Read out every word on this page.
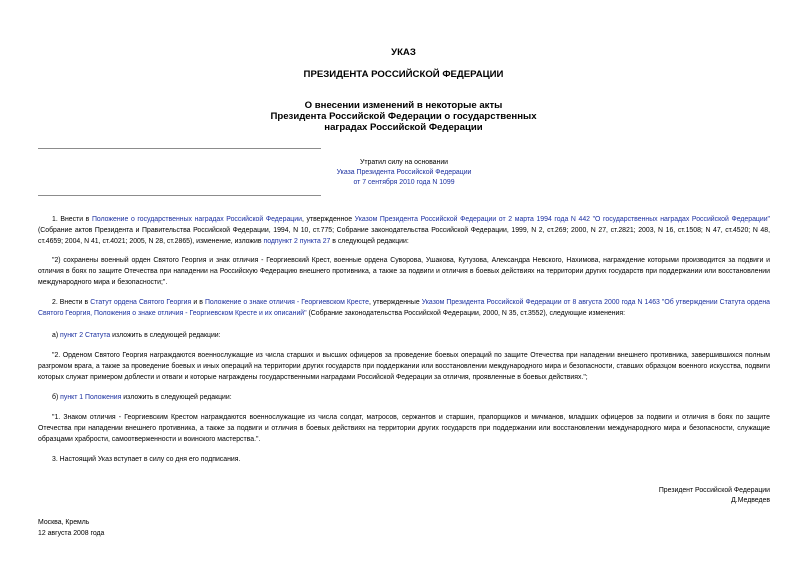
УКАЗ
ПРЕЗИДЕНТА РОССИЙСКОЙ ФЕДЕРАЦИИ
О внесении изменений в некоторые акты
Президента Российской Федерации о государственных
наградах Российской Федерации
Утратил силу на основании
Указа Президента Российской Федерации
от 7 сентября 2010 года N 1099

1. Внести в Положение о государственных наградах Российской Федерации, утвержденное Указом Президента Российской Федерации от 2 марта 1994 года N 442 "О государственных наградах Российской Федерации" (Собрание актов Президента и Правительства Российской Федерации, 1994, N 10, ст.775; Собрание законодательства Российской Федерации, 1999, N 2, ст.269; 2000, N 27, ст.2821; 2003, N 16, ст.1508; N 47, ст.4520; N 48, ст.4659; 2004, N 41, ст.4021; 2005, N 28, ст.2865), изменение, изложив подпункт 2 пункта 27 в следующей редакции:

"2) сохранены военный орден Святого Георгия и знак отличия - Георгиевский Крест, военные ордена Суворова, Ушакова, Кутузова, Александра Невского, Нахимова, награждение которыми производится за подвиги и отличия в боях по защите Отечества при нападении на Российскую Федерацию внешнего противника, а также за подвиги и отличия в боевых действиях на территории других государств при поддержании или восстановлении международного мира и безопасности;".

2. Внести в Статут ордена Святого Георгия и в Положение о знаке отличия - Георгиевском Кресте, утвержденные Указом Президента Российской Федерации от 8 августа 2000 года N 1463 "Об утверждении Статута ордена Святого Георгия, Положения о знаке отличия - Георгиевском Кресте и их описаний" (Собрание законодательства Российской Федерации, 2000, N 35, ст.3552), следующие изменения:

а) пункт 2 Статута изложить в следующей редакции:

"2. Орденом Святого Георгия награждаются военнослужащие из числа старших и высших офицеров за проведение боевых операций по защите Отечества при нападении внешнего противника, завершившихся полным разгромом врага, а также за проведение боевых и иных операций на территории других государств при поддержании или восстановлении международного мира и безопасности, ставших образцом военного искусства, подвиги которых служат примером доблести и отваги и которые награждены государственными наградами Российской Федерации за отличия, проявленные в боевых действиях.";

б) пункт 1 Положения изложить в следующей редакции:

"1. Знаком отличия - Георгиевским Крестом награждаются военнослужащие из числа солдат, матросов, сержантов и старшин, прапорщиков и мичманов, младших офицеров за подвиги и отличия в боях по защите Отечества при нападении внешнего противника, а также за подвиги и отличия в боевых действиях на территории других государств при поддержании или восстановлении международного мира и безопасности, служащие образцами храбрости, самоотверженности и воинского мастерства.".

3. Настоящий Указ вступает в силу со дня его подписания.

Президент Российской Федерации
Д.Медведев
Москва, Кремль
12 августа 2008 года
